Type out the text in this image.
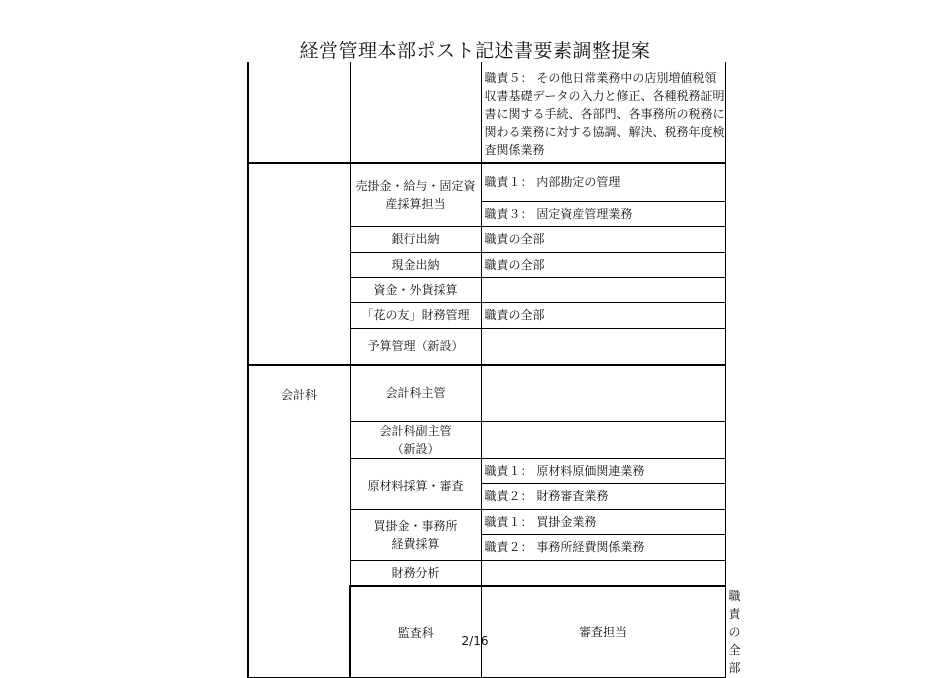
経営管理本部ポスト記述書要素調整提案
		職責５： その他日常業務中の店別増値税領収書基礎データの入力と修正、各種税務証明書に関する手続、各部門、各事務所の税務に関わる業務に対する協調、解決、税務年度検査関係業務	
	売掛金・給与・固定資産採算担当	職責１： 内部勘定の管理	
		職責３： 固定資産管理業務	
	銀行出納	職責の全部	
	現金出納	職責の全部	
	資金・外貨採算		
	「花の友」財務管理	職責の全部	
	予算管理（新設）		
会計科	会計科主管		
	会計科副主管（新設）		
	原材料採算・審査	職責１： 原材料原価関連業務	
		職責２： 財務審査業務	
	買掛金・事務所経費採算	職責１： 買掛金業務	
		職責２： 事務所経費関係業務	
	財務分析		
	監査科	審査担当	職責の全部
2/16
